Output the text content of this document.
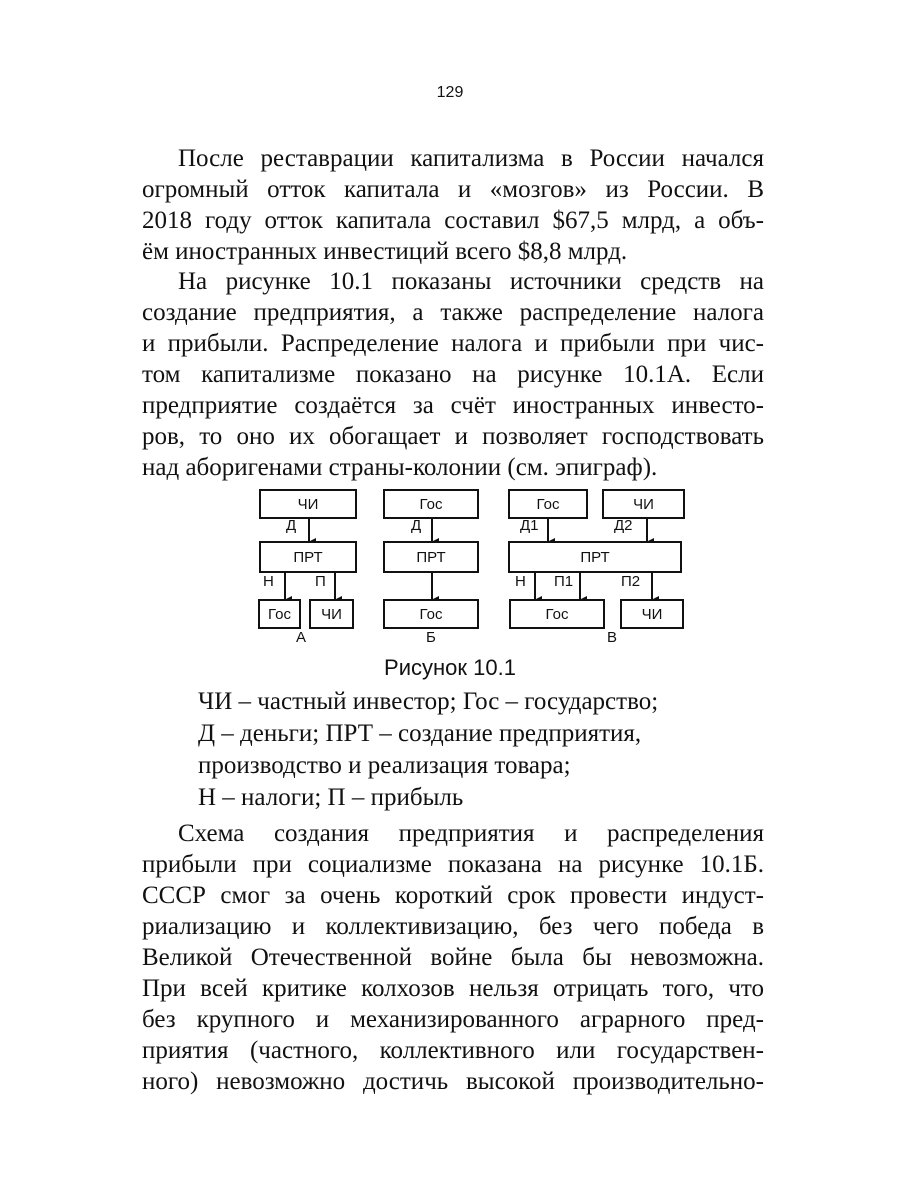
129
После реставрации капитализма в России начался
огромный отток капитала и «мозгов» из России. В
2018 году отток капитала составил $67,5 млрд, а объ-
ём иностранных инвестиций всего $8,8 млрд.
На рисунке 10.1 показаны источники средств на
создание предприятия, а также распределение налога
и прибыли. Распределение налога и прибыли при чис-
том капитализме показано на рисунке 10.1А. Если
предприятие создаётся за счёт иностранных инвесто-
ров, то оно их обогащает и позволяет господствовать
над аборигенами страны-колонии (см. эпиграф).
ЧИ
Д
ПРТ
Н	П
Гос	ЧИ
А
Гос
Д
ПРТ
Гос
Б
Гос	ЧИ
Д1	Д2
ПРТ
Н П1	П2
Гос	ЧИ
В
Рисунок 10.1
ЧИ – частный инвестор; Гос – государство;
Д – деньги; ПРТ – создание предприятия,
производство и реализация товара;
Н – налоги; П – прибыль
Схема создания предприятия и распределения
прибыли при социализме показана на рисунке 10.1Б.
СССР смог за очень короткий срок провести индуст-
риализацию и коллективизацию, без чего победа в
Великой Отечественной войне была бы невозможна.
При всей критике колхозов нельзя отрицать того, что
без крупного и механизированного аграрного пред-
приятия (частного, коллективного или государствен-
ного) невозможно достичь высокой производительно-
